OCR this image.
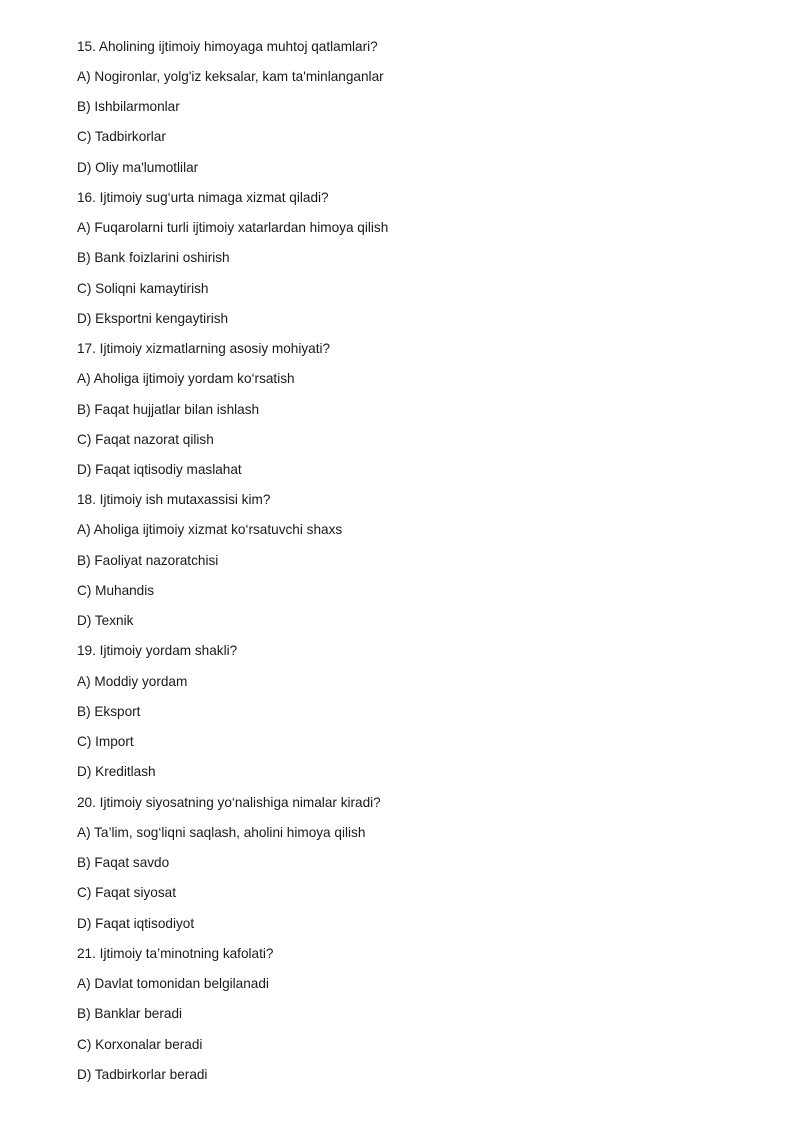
15. Aholining ijtimoiy himoyaga muhtoj qatlamlari?
A) Nogironlar, yolg'iz keksalar, kam ta'minlanganlar
B) Ishbilarmonlar
C) Tadbirkorlar
D) Oliy ma'lumotlilar
16. Ijtimoiy sug‘urta nimaga xizmat qiladi?
A) Fuqarolarni turli ijtimoiy xatarlardan himoya qilish
B) Bank foizlarini oshirish
C) Soliqni kamaytirish
D) Eksportni kengaytirish
17. Ijtimoiy xizmatlarning asosiy mohiyati?
A) Aholiga ijtimoiy yordam ko‘rsatish
B) Faqat hujjatlar bilan ishlash
C) Faqat nazorat qilish
D) Faqat iqtisodiy maslahat
18. Ijtimoiy ish mutaxassisi kim?
A) Aholiga ijtimoiy xizmat ko‘rsatuvchi shaxs
B) Faoliyat nazoratchisi
C) Muhandis
D) Texnik
19. Ijtimoiy yordam shakli?
A) Moddiy yordam
B) Eksport
C) Import
D) Kreditlash
20. Ijtimoiy siyosatning yo‘nalishiga nimalar kiradi?
A) Ta’lim, sog‘liqni saqlash, aholini himoya qilish
B) Faqat savdo
C) Faqat siyosat
D) Faqat iqtisodiyot
21. Ijtimoiy ta’minotning kafolati?
A) Davlat tomonidan belgilanadi
B) Banklar beradi
C) Korxonalar beradi
D) Tadbirkorlar beradi
